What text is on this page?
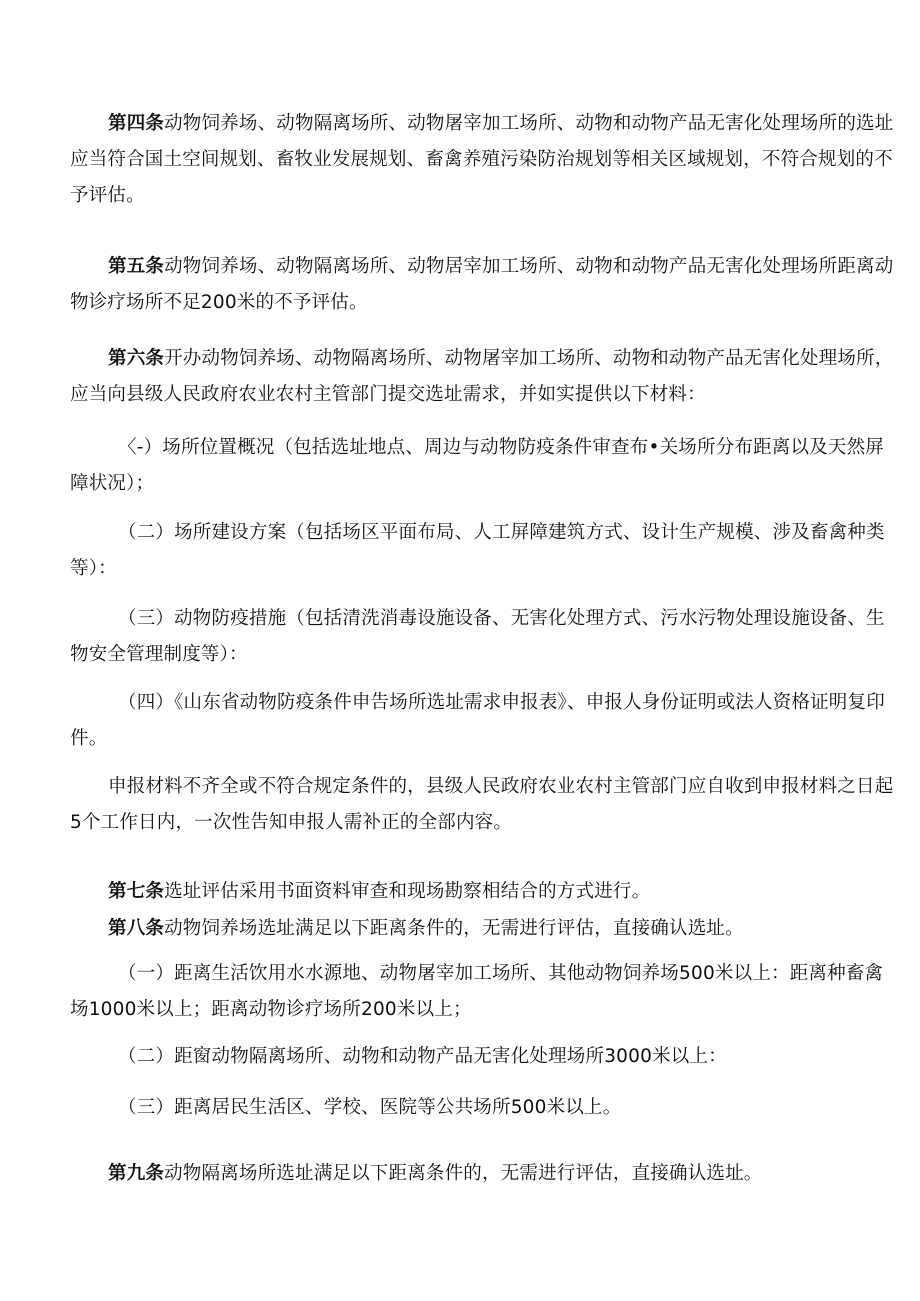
第四条动物饲养场、动物隔离场所、动物屠宰加工场所、动物和动物产品无害化处理场所的选址应当符合国土空间规划、畜牧业发展规划、畜禽养殖污染防治规划等相关区域规划，不符合规划的不予评估。

第五条动物饲养场、动物隔离场所、动物居宰加工场所、动物和动物产品无害化处理场所距离动物诊疗场所不足200米的不予评估。

第六条开办动物饲养场、动物隔离场所、动物屠宰加工场所、动物和动物产品无害化处理场所，应当向县级人民政府农业农村主管部门提交选址需求，并如实提供以下材料：

〈-）场所位置概况（包括选址地点、周边与动物防疫条件审查布•关场所分布距离以及天然屏障状况）；

（二）场所建设方案（包括场区平面布局、人工屏障建筑方式、设计生产规模、涉及畜禽种类等）：

（三）动物防疫措施（包括清洗消毒设施设备、无害化处理方式、污水污物处理设施设备、生物安全管理制度等）：

（四）《山东省动物防疫条件申告场所选址需求申报表》、申报人身份证明或法人资格证明复印件。

申报材料不齐全或不符合规定条件的，县级人民政府农业农村主管部门应自收到申报材料之日起5个工作日内，一次性告知申报人需补正的全部内容。

第七条选址评估采用书面资料审查和现场勘察相结合的方式进行。

第八条动物饲养场选址满足以下距离条件的，无需进行评估，直接确认选址。

（一）距离生活饮用水水源地、动物屠宰加工场所、其他动物饲养场500米以上：距离种畜禽场1000米以上；距离动物诊疗场所200米以上；

（二）距窗动物隔离场所、动物和动物产品无害化处理场所3000米以上：

（三）距离居民生活区、学校、医院等公共场所500米以上。

第九条动物隔离场所选址满足以下距离条件的，无需进行评估，直接确认选址。
